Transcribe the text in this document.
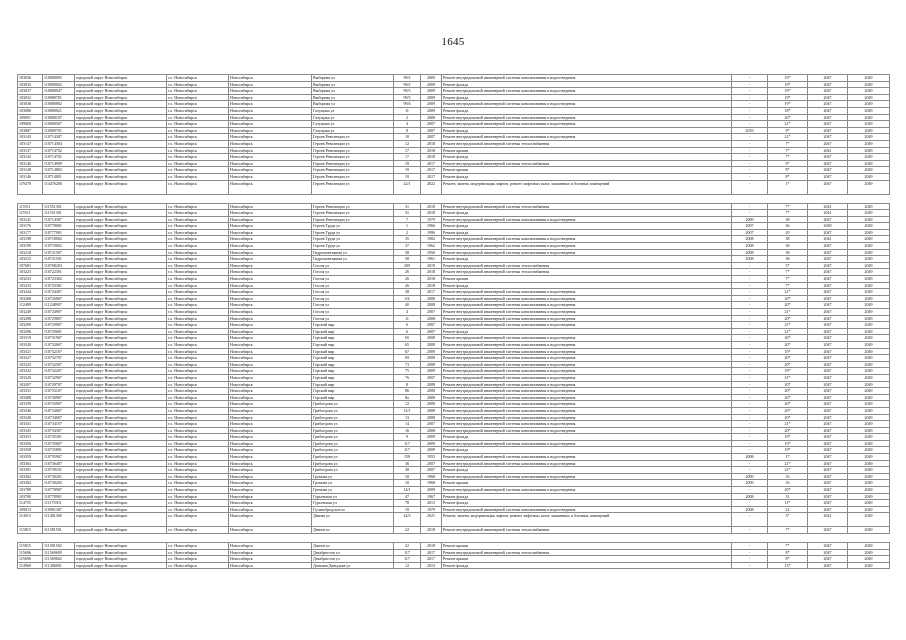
1645
103036	110080005	городской округ Новосибирск	г.о. Новосибирск	Новосибирск	Выборная ул	99/2	2009	Ремонт внутридомовой инженерной системы канализования и водоотведения	-	19*	2047	2049
103035	110080002	городской округ Новосибирск	г.о. Новосибирск	Новосибирск	Выборная ул	99/2	2009	Ремонт фасада	-	19*	2047	2049
103037	110080047	городской округ Новосибирск	г.о. Новосибирск	Новосибирск	Выборная ул	99/3	2009	Ремонт внутридомовой инженерной системы канализования и водоотведения	-	19*	2047	2049
103032	110080701	городской округ Новосибирск	г.о. Новосибирск	Новосибирск	Выборная ул	99/3	2009	Ремонт фасада	-	19*	2047	2049
103038	110080802	городской округ Новосибирск	г.о. Новосибирск	Новосибирск	Выборная ул	99/4	2009	Ремонт внутридомовой инженерной системы канализования и водоотведения	-	19*	2047	2049
103086	110080021	городской округ Новосибирск	г.о. Новосибирск	Новосибирск	Галущака ул	11	2009	Ремонт фасада	-	18*	2047	2049
109091	110080107	городской округ Новосибирск	г.о. Новосибирск	Новосибирск	Галущака ул	2	2008	Ремонт внутридомовой инженерной системы канализования и водоотведения	-	20*	2047	2049
109069	110080567	городской округ Новосибирск	г.о. Новосибирск	Новосибирск	Галущака ул	4	2007	Ремонт внутридомовой инженерной системы канализования и водоотведения	-	21*	2047	2049
103087	110080701	городской округ Новосибирск	г.о. Новосибирск	Новосибирск	Галущака ул	8	2007	Ремонт фасада	2016	9*	2047	2049
103143	110714307	городской округ Новосибирск	г.о. Новосибирск	Новосибирск	Героев Революции ул	10	2007	Ремонт внутридомовой инженерной системы канализования и водоотведения	-	21*	2047	2049
103147	110714304	городской округ Новосибирск	г.о. Новосибирск	Новосибирск	Героев Революции ул	12	2018	Ремонт внутридомовой инженерной системы теплоснабжения	-	7*	2047	2049
103137	110714702	городской округ Новосибирск	г.о. Новосибирск	Новосибирск	Героев Революции ул	17	2018	Ремонт крыши	-	7*	2041	2049
103143	110714701	городской округ Новосибирск	г.о. Новосибирск	Новосибирск	Героев Революции ул	17	2018	Ремонт фасада	-	7*	2047	2049
103146	110714909	городской округ Новосибирск	г.о. Новосибирск	Новосибирск	Героев Революции ул	19	2017	Ремонт внутридомовой инженерной системы теплоснабжения	-	8*	2047	2049
103148	110714802	городской округ Новосибирск	г.о. Новосибирск	Новосибирск	Героев Революции ул	19	2017	Ремонт крыши	-	8*	2047	2049
103146	110714801	городской округ Новосибирск	г.о. Новосибирск	Новосибирск	Героев Революции ул	19	2017	Ремонт фасада	-	8*	2047	2049
119478	114476200	городской округ Новосибирск	г.о. Новосибирск	Новосибирск	Героев Революции ул	22/1	2022	Ремонт, замена, модернизация лифтов, ремонт лифтовых шахт, машинных и блочных помещений	-	1*	2047	2049

115511	111551301	городской округ Новосибирск	г.о. Новосибирск	Новосибирск	Героев Революции ул	31	2018	Ремонт внутридомовой инженерной системы теплоснабжения	-	7*	2041	2049
115511	111551301	городской округ Новосибирск	г.о. Новосибирск	Новосибирск	Героев Революции ул	31	2018	Ремонт фасада	-	7*	2041	2049
103141	110714307	городской округ Новосибирск	г.о. Новосибирск	Новосибирск	Героев Революции ул	7	1979	Ремонт внутридомовой инженерной системы канализования и водоотведения	2009	38	2047	2049
103176	110778001	городской округ Новосибирск	г.о. Новосибирск	Новосибирск	Героев Труда ул	1	1966	Ремонт фасада	2007	36	2049	2049
103177	110777001	городской округ Новосибирск	г.о. Новосибирск	Новосибирск	Героев Труда ул	2	1996	Ремонт фасада	2007	29	2047	2049
103198	110718002	городской округ Новосибирск	г.о. Новосибирск	Новосибирск	Героев Труда ул	35	1982	Ремонт внутридомовой инженерной системы канализования и водоотведения	2008	38	2041	2049
103199	110719002	городской округ Новосибирск	г.о. Новосибирск	Новосибирск	Героев Труда ул	37	1962	Ремонт внутридомовой инженерной системы канализования и водоотведения	2008	38	2047	2049
103218	110721507	городской округ Новосибирск	г.о. Новосибирск	Новосибирск	Гидромонтажная ул	58	1956	Ремонт внутридомовой инженерной системы канализования и водоотведения	2008	38	2047	2049
103215	110721501	городской округ Новосибирск	г.о. Новосибирск	Новосибирск	Гидромонтажная ул	58	1961	Ремонт фасада	2008	38	2047	2049
107681	110768203	городской округ Новосибирск	г.о. Новосибирск	Новосибирск	Гоголя ул	209	2019	Ремонт внутридомовой инженерной системы теплоснабжения	-	5*	2047	2049
103223	110722301	городской округ Новосибирск	г.о. Новосибирск	Новосибирск	Гоголя ул	26	2018	Ремонт внутридомовой инженерной системы теплоснабжения	-	7*	2047	2049
103233	110723302	городской округ Новосибирск	г.о. Новосибирск	Новосибирск	Гоголя ул	26	2018	Ремонт крыши	-	7*	2047	2049
103233	110723301	городской округ Новосибирск	г.о. Новосибирск	Новосибирск	Гоголя ул	26	2018	Ремонт фасада	-	7*	2047	2049
103244	110724407	городской округ Новосибирск	г.о. Новосибирск	Новосибирск	Гоголя ул	38	2017	Ремонт внутридомовой инженерной системы канализования и водоотведения	-	21*	2047	2049
103268	110726807	городской округ Новосибирск	г.о. Новосибирск	Новосибирск	Гоголя ул	3/4	2008	Ремонт внутридомовой инженерной системы канализования и водоотведения	-	20*	2047	2049
112489	111248907	городской округ Новосибирск	г.о. Новосибирск	Новосибирск	Гоголя ул	40	2008	Ремонт внутридомовой инженерной системы канализования и водоотведения	-	20*	2047	2049
103249	110724907	городской округ Новосибирск	г.о. Новосибирск	Новосибирск	Гоголя ул	4	2007	Ремонт внутридомовой инженерной системы канализования и водоотведения	-	21*	2047	2049
103298	110729807	городской округ Новосибирск	г.о. Новосибирск	Новосибирск	Гоголя ул	11	2008	Ремонт внутридомовой инженерной системы канализования и водоотведения	-	20*	2047	2049
103299	110729907	городской округ Новосибирск	г.о. Новосибирск	Новосибирск	Горский мкр	6	2007	Ремонт внутридомовой инженерной системы канализования и водоотведения	-	21*	2047	2049
103296	110729601	городской округ Новосибирск	г.о. Новосибирск	Новосибирск	Горский мкр	6	2007	Ремонт фасада	-	21*	2047	2049
103319	110731907	городской округ Новосибирск	г.о. Новосибирск	Новосибирск	Горский мкр	65	2008	Ремонт внутридомовой инженерной системы канализования и водоотведения	-	20*	2047	2049
103320	110732007	городской округ Новосибирск	г.о. Новосибирск	Новосибирск	Горский мкр	65	2008	Ремонт внутридомовой инженерной системы канализования и водоотведения	-	20*	2047	2049
103321	110732107	городской округ Новосибирск	г.о. Новосибирск	Новосибирск	Горский мкр	67	2009	Ремонт внутридомовой инженерной системы канализования и водоотведения	-	19*	2047	2049
103327	110732707	городской округ Новосибирск	г.о. Новосибирск	Новосибирск	Горский мкр	69	2008	Ремонт внутридомовой инженерной системы канализования и водоотведения	-	20*	2047	2049
103325	110732507	городской округ Новосибирск	г.о. Новосибирск	Новосибирск	Горский мкр	73	2008	Ремонт внутридомовой инженерной системы канализования и водоотведения	-	20*	2047	2049
103322	110732207	городской округ Новосибирск	г.о. Новосибирск	Новосибирск	Горский мкр	75	2009	Ремонт внутридомовой инженерной системы канализования и водоотведения	-	19*	2047	2049
103329	110732907	городской округ Новосибирск	г.о. Новосибирск	Новосибирск	Горский мкр	76	2007	Ремонт внутридомовой инженерной системы канализования и водоотведения	-	21*	2047	2049
103297	110729707	городской округ Новосибирск	г.о. Новосибирск	Новосибирск	Горский мкр	8	2008	Ремонт внутридомовой инженерной системы канализования и водоотведения	-	20*	2047	2049
103331	110733107	городской округ Новосибирск	г.о. Новосибирск	Новосибирск	Горский мкр	86	2008	Ремонт внутридомовой инженерной системы канализования и водоотведения	-	20*	2047	2049
103308	110730907	городской округ Новосибирск	г.о. Новосибирск	Новосибирск	Горский мкр	8а	2008	Ремонт внутридомовой инженерной системы канализования и водоотведения	-	20*	2047	2049
103339	110733907	городской округ Новосибирск	г.о. Новосибирск	Новосибирск	Грибоедова ул	12	2008	Ремонт внутридомовой инженерной системы канализования и водоотведения	-	20*	2047	2049
103346	110734607	городской округ Новосибирск	г.о. Новосибирск	Новосибирск	Грибоедова ул	12/1	2008	Ремонт внутридомовой инженерной системы канализования и водоотведения	-	20*	2047	2049
103340	110734007	городской округ Новосибирск	г.о. Новосибирск	Новосибирск	Грибоедова ул	13	2008	Ремонт внутридомовой инженерной системы канализования и водоотведения	-	20*	2047	2049
103341	110734107	городской округ Новосибирск	г.о. Новосибирск	Новосибирск	Грибоедова ул	14	2007	Ремонт внутридомовой инженерной системы канализования и водоотведения	-	21*	2047	2049
103343	110734307	городской округ Новосибирск	г.о. Новосибирск	Новосибирск	Грибоедова ул	16	2008	Ремонт внутридомовой инженерной системы канализования и водоотведения	-	20*	2047	2049
103353	110735301	городской округ Новосибирск	г.о. Новосибирск	Новосибирск	Грибоедова ул	9	2009	Ремонт фасада	-	19*	2047	2049
103356	110735607	городской округ Новосибирск	г.о. Новосибирск	Новосибирск	Грибоедова ул	117	2009	Ремонт внутридомовой инженерной системы канализования и водоотведения	-	19*	2047	2049
103358	110735801	городской округ Новосибирск	г.о. Новосибирск	Новосибирск	Грибоедова ул	117	2009	Ремонт фасада	-	19*	2047	2049
103359	110735907	городской округ Новосибирск	г.о. Новосибирск	Новосибирск	Грибоедова ул	158	1955	Ремонт внутридомовой инженерной системы канализования и водоотведения	2008	17	2047	2049
103364	110736407	городской округ Новосибирск	г.о. Новосибирск	Новосибирск	Грибоедова ул	36	2007	Ремонт внутридомовой инженерной системы канализования и водоотведения	-	21*	2047	2049
103391	110739101	городской округ Новосибирск	г.о. Новосибирск	Новосибирск	Грибоедова ул	38	2007	Ремонт фасада	-	21*	2047	2049
103302	110730201	городской округ Новосибирск	г.о. Новосибирск	Новосибирск	Громова ул	10	1968	Ремонт внутридомовой инженерной системы канализования и водоотведения	2009	33	2047	2049
103302	110730202	городской округ Новосибирск	г.о. Новосибирск	Новосибирск	Громова ул	10	1968	Ремонт крыши	2009	33	2047	2049
103789	110778907	городской округ Новосибирск	г.о. Новосибирск	Новосибирск	Громова ул	14/1	2009	Ремонт внутридомовой инженерной системы канализования и водоотведения	-	20*	2047	2049
103780	110778901	городской округ Новосибирск	г.о. Новосибирск	Новосибирск	Гурьевская ул	47	1967	Ремонт фасада	2008	31	2047	2049
114755	111175501	городской округ Новосибирск	г.о. Новосибирск	Новосибирск	Гурьевская ул	78	2013	Ремонт фасада	-	11*	2047	2049
109013	110901307	городской округ Новосибирск	г.о. Новосибирск	Новосибирск	Гусинобродское ш	19	1979	Ремонт внутридомовой инженерной системы канализования и водоотведения	2008	22	2047	2049
114013	111401300	городской округ Новосибирск	г.о. Новосибирск	Новосибирск	Дачная ул	42/3	2021	Ремонт, замена, модернизация лифтов, ремонт лифтовых шахт, машинных и блочных помещений	-	3*	2041	2049
115815	111581501	городской округ Новосибирск	г.о. Новосибирск	Новосибирск	Дачное ш	22	2018	Ремонт внутридомовой инженерной системы теплоснабжения	-	7*	2047	2049

115815	111581502	городской округ Новосибирск	г.о. Новосибирск	Новосибирск	Дачное ш	22	2018	Ремонт крыши	-	7*	2047	2049
115696	111569609	городской округ Новосибирск	г.о. Новосибирск	Новосибирск	Декабристов ул	117	2017	Ремонт внутридомовой инженерной системы теплоснабжения	-	8*	2047	2049
115696	111569602	городской округ Новосибирск	г.о. Новосибирск	Новосибирск	Декабристов ул	117	2017	Ремонт крыши	-	8*	2047	2049
114960	111496001	городской округ Новосибирск	г.о. Новосибирск	Новосибирск	Демьяна Давыдова ул	12	2013	Ремонт фасада	-	13*	2047	2049
